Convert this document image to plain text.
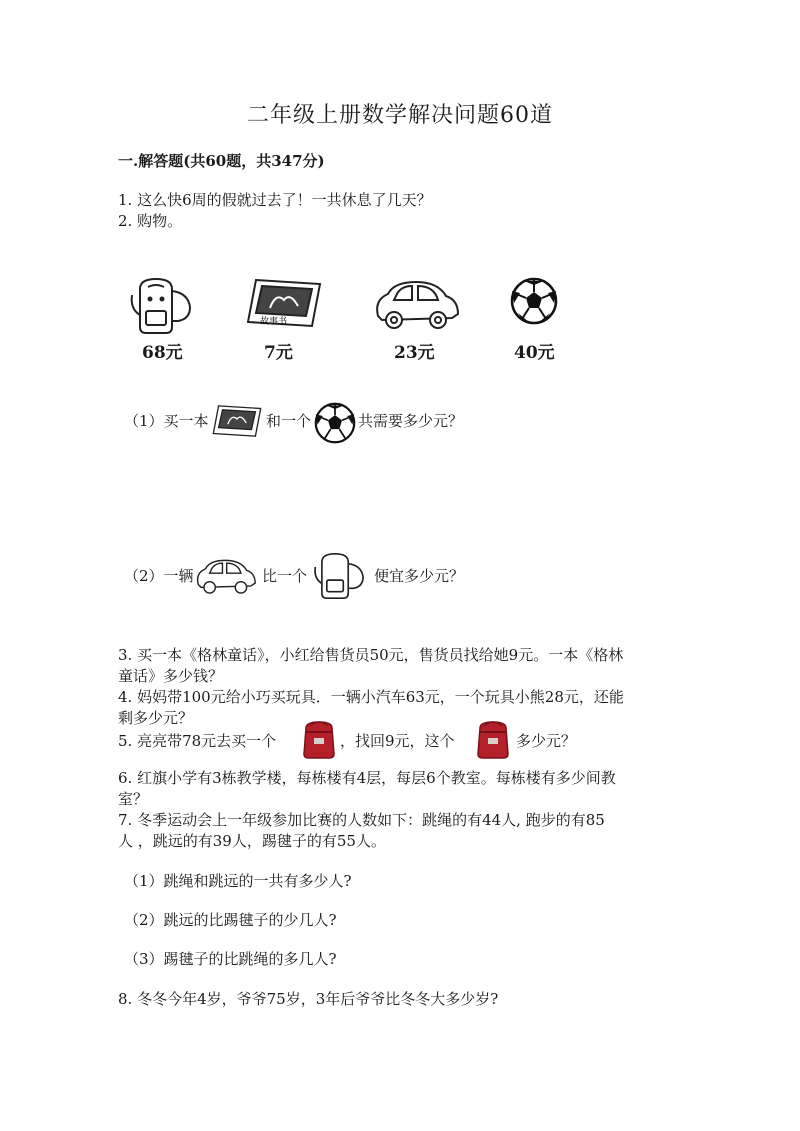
二年级上册数学解决问题60道
一.解答题(共60题，共347分)
1. 这么快6周的假就过去了！一共休息了几天？
2. 购物。
68元
故事书
7元	23元	40元
（1）买一本	和一个	共需要多少元？
（2）一辆	比一个	便宜多少元？
3. 买一本《格林童话》，小红给售货员50元，售货员找给她9元。一本《格林
童话》多少钱？
4. 妈妈带100元给小巧买玩具．一辆小汽车63元，一个玩具小熊28元，还能
剩多少元？
5. 亮亮带78元去买一个	，找回9元，这个	多少元？
6. 红旗小学有3栋教学楼，每栋楼有4层，每层6个教室。每栋楼有多少间教
室？
7. 冬季运动会上一年级参加比赛的人数如下：跳绳的有44人, 跑步的有85
人 ，跳远的有39人，踢毽子的有55人。
（1）跳绳和跳远的一共有多少人?
（2）跳远的比踢毽子的少几人?
（3）踢毽子的比跳绳的多几人?
8. 冬冬今年4岁，爷爷75岁，3年后爷爷比冬冬大多少岁?
